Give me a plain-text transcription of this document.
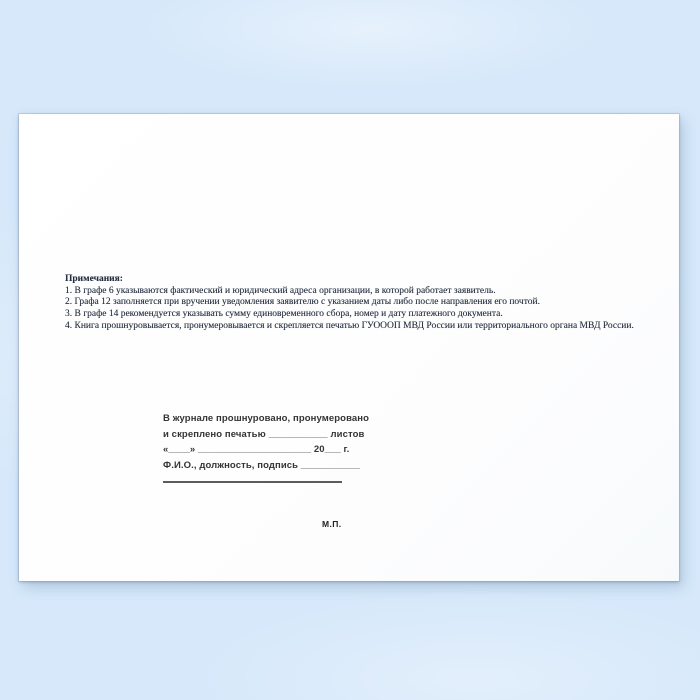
Примечания:
1. В графе 6 указываются фактический и юридический адреса организации, в которой работает заявитель.
2. Графа 12 заполняется при вручении уведомления заявителю с указанием даты либо после направления его почтой.
3. В графе 14 рекомендуется указывать сумму единовременного сбора, номер и дату платежного документа.
4. Книга прошнуровывается, пронумеровывается и скрепляется печатью ГУОООП МВД России или территориального органа МВД России.
В журнале прошнуровано, пронумеровано
и скреплено печатью ___________ листов
«____» _____________________ 20___ г.
Ф.И.О., должность, подпись ___________
М.П.
